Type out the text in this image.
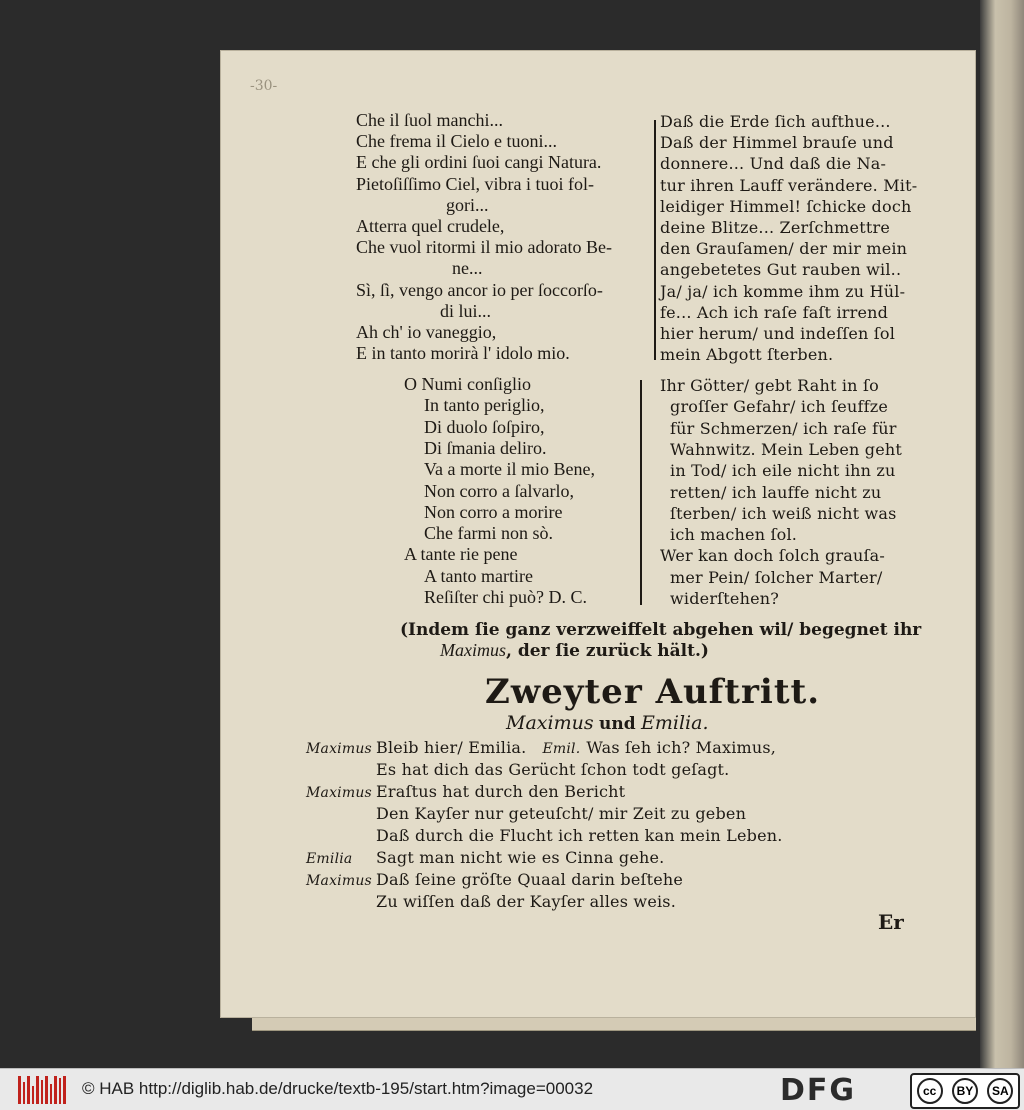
-30-
Che il ſuol manchi...
Che frema il Cielo e tuoni...
E che gli ordini ſuoi cangi Natura.
Pietoſiſſimo Ciel, vibra i tuoi fol-
gori...
Atterra quel crudele,
Che vuol ritormi il mio adorato Be-
ne...
Sì, ſì, vengo ancor io per ſoccorſo-
di lui...
Ah ch' io vaneggio,
E in tanto morirà l' idolo mio.
Daß die Erde ſich aufthue...
Daß der Himmel brauſe und
donnere... Und daß die Na-
tur ihren Lauff verändere. Mit-
leidiger Himmel! ſchicke doch
deine Blitze... Zerſchmettre
den Grauſamen/ der mir mein
angebetetes Gut rauben wil..
Ja/ ja/ ich komme ihm zu Hül-
fe... Ach ich raſe faſt irrend
hier herum/ und indeſſen ſol
mein Abgott ſterben.
O Numi conſiglio
In tanto periglio,
Di duolo ſoſpiro,
Di ſmania deliro.
Va a morte il mio Bene,
Non corro a ſalvarlo,
Non corro a morire
Che farmi non sò.
A tante rie pene
A tanto martire
Reſiſter chi può? D. C.
Ihr Götter/ gebt Raht in ſo
groſſer Gefahr/ ich ſeuffze
für Schmerzen/ ich raſe für
Wahnwitz. Mein Leben geht
in Tod/ ich eile nicht ihn zu
retten/ ich lauffe nicht zu
ſterben/ ich weiß nicht was
ich machen ſol.
Wer kan doch ſolch grauſa-
mer Pein/ ſolcher Marter/
widerſtehen?
(Indem ſie ganz verzweiffelt abgehen wil/ begegnet ihr
Maximus, der ſie zurück hält.)
Zweyter Auftritt.
Maximus und Emilia.
Maximus Bleib hier/ Emilia. Emil. Was ſeh ich? Maximus,
Es hat dich das Gerücht ſchon todt geſagt.
Maximus Eraſtus hat durch den Bericht
Den Kayſer nur geteuſcht/ mir Zeit zu geben
Daß durch die Flucht ich retten kan mein Leben.
Emilia Sagt man nicht wie es Cinna gehe.
Maximus Daß ſeine gröſte Quaal darin beſtehe
Zu wiſſen daß der Kayſer alles weis.
Er
© HAB http://diglib.hab.de/drucke/textb-195/start.htm?image=00032	DFG	cc	BY	SA
